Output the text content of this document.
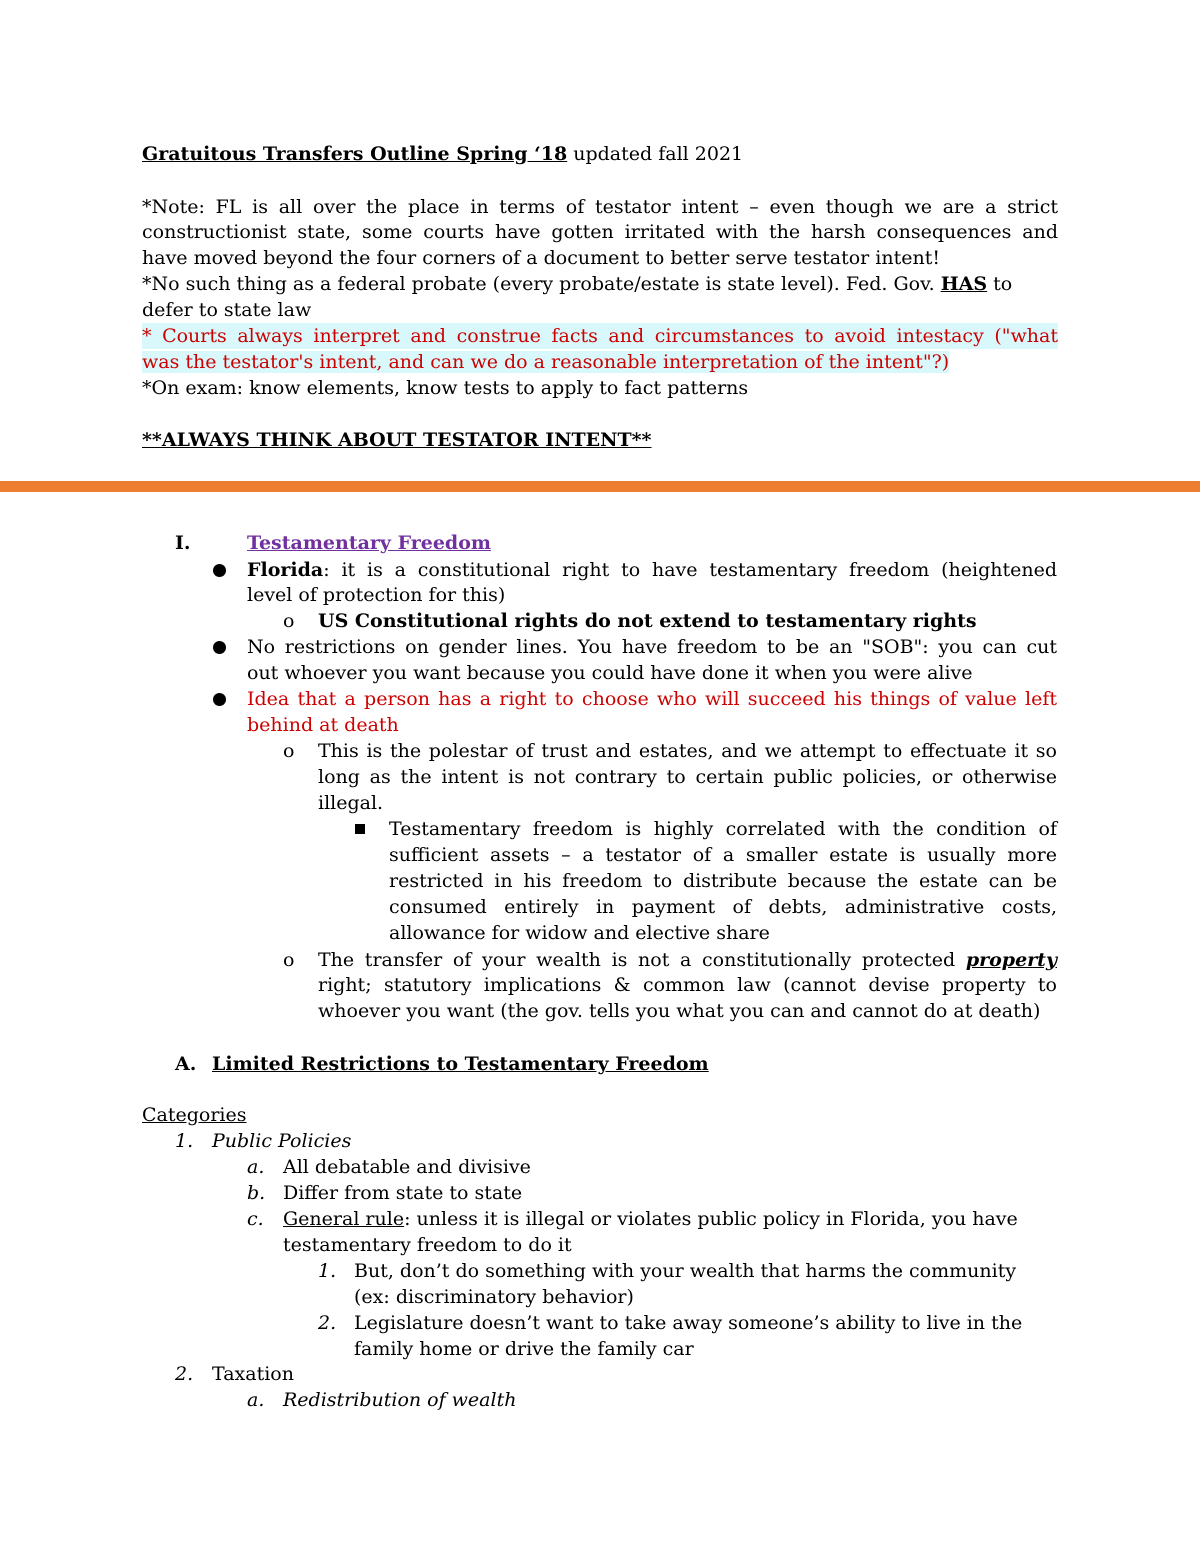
Gratuitous Transfers Outline Spring ‘18 updated fall 2021
*Note: FL is all over the place in terms of testator intent – even though we are a strict
constructionist state, some courts have gotten irritated with the harsh consequences and
have moved beyond the four corners of a document to better serve testator intent!
*No such thing as a federal probate (every probate/estate is state level). Fed. Gov. HAS to
defer to state law
* Courts always interpret and construe facts and circumstances to avoid intestacy ("what
was the testator's intent, and can we do a reasonable interpretation of the intent"?)
*On exam: know elements, know tests to apply to fact patterns
**ALWAYS THINK ABOUT TESTATOR INTENT**
I.	Testamentary Freedom
Florida: it is a constitutional right to have testamentary freedom (heightened
level of protection for this)
o US Constitutional rights do not extend to testamentary rights
No restrictions on gender lines. You have freedom to be an "SOB": you can cut
out whoever you want because you could have done it when you were alive
Idea that a person has a right to choose who will succeed his things of value left
behind at death
o This is the polestar of trust and estates, and we attempt to effectuate it so
long as the intent is not contrary to certain public policies, or otherwise
illegal.
Testamentary freedom is highly correlated with the condition of
sufficient assets – a testator of a smaller estate is usually more
restricted in his freedom to distribute because the estate can be
consumed entirely in payment of debts, administrative costs,
allowance for widow and elective share
o The transfer of your wealth is not a constitutionally protected property
right; statutory implications & common law (cannot devise property to
whoever you want (the gov. tells you what you can and cannot do at death)
A. Limited Restrictions to Testamentary Freedom
Categories
1. Public Policies
a. All debatable and divisive
b. Differ from state to state
c. General rule: unless it is illegal or violates public policy in Florida, you have
testamentary freedom to do it
1. But, don’t do something with your wealth that harms the community
(ex: discriminatory behavior)
2. Legislature doesn’t want to take away someone’s ability to live in the
family home or drive the family car
2. Taxation
a. Redistribution of wealth
